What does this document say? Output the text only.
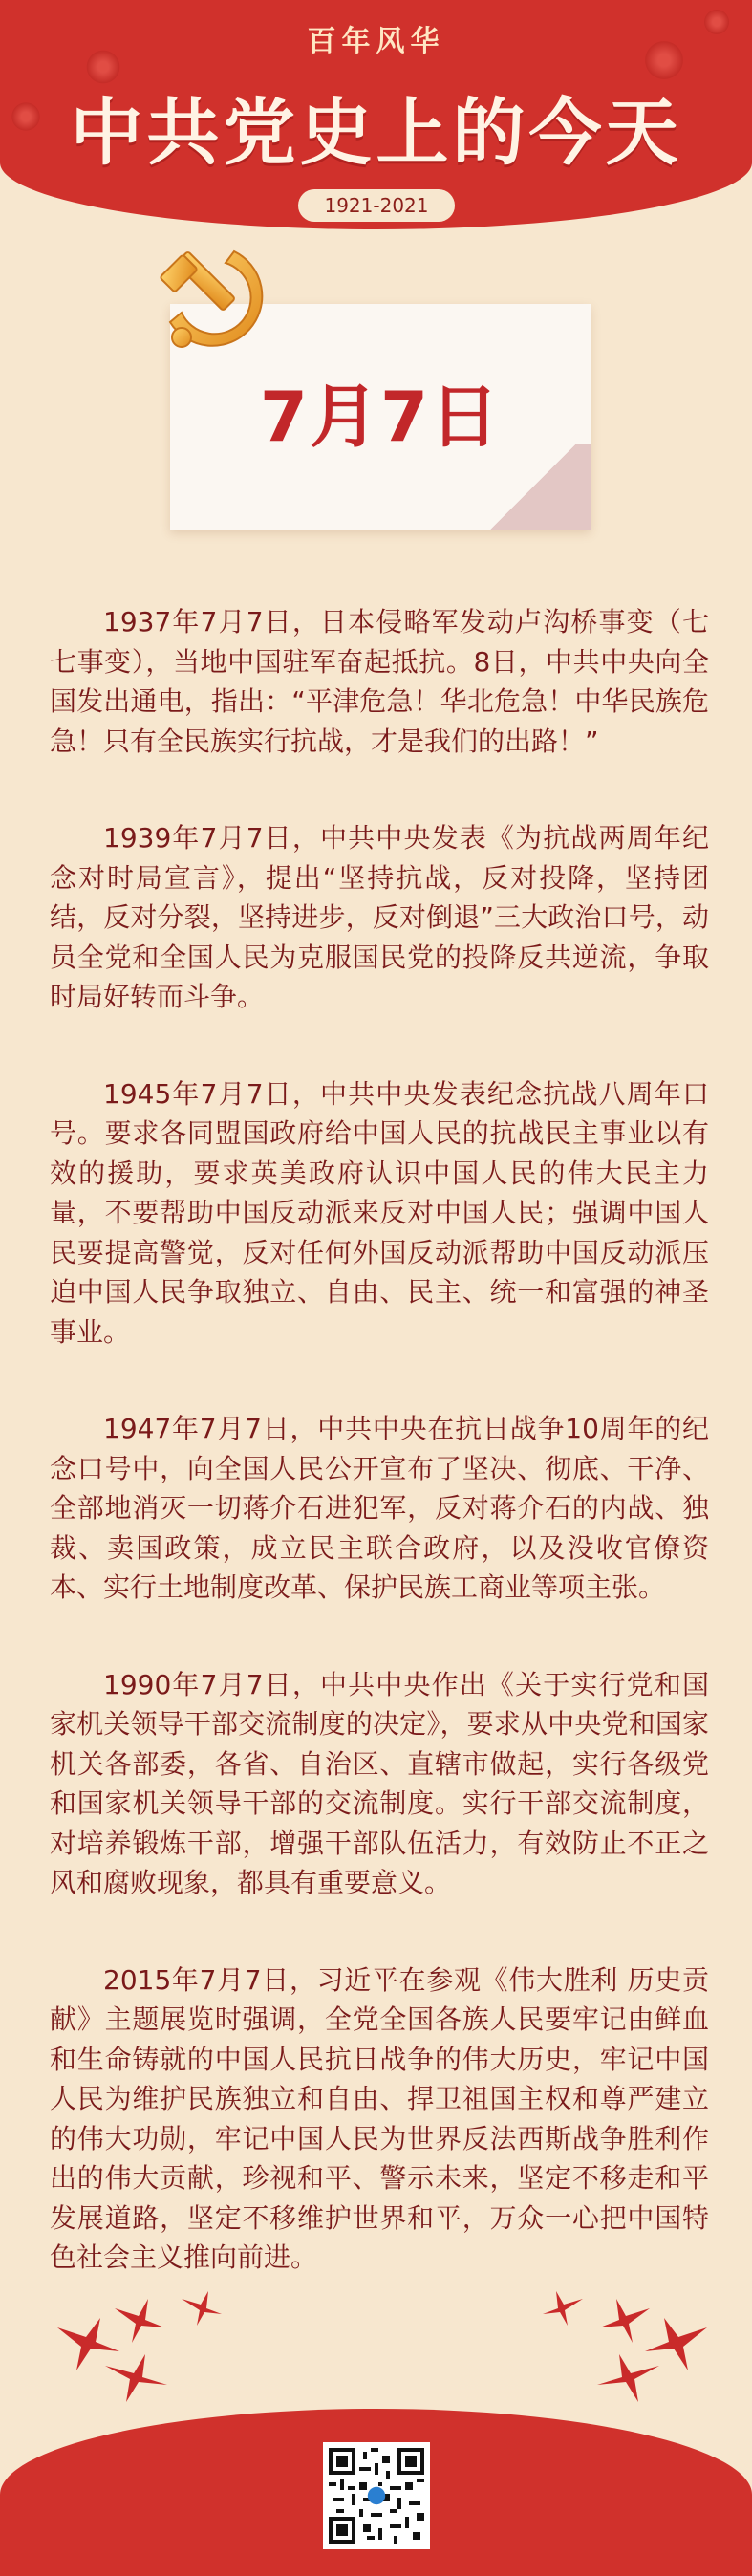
百年风华
中共党史上的今天
1921-2021
7月7日

1937年7月7日，日本侵略军发动卢沟桥事变（七七事变），当地中国驻军奋起抵抗。8日，中共中央向全国发出通电，指出：“平津危急！华北危急！中华民族危急！只有全民族实行抗战，才是我们的出路！”

1939年7月7日，中共中央发表《为抗战两周年纪念对时局宣言》，提出“坚持抗战，反对投降，坚持团结，反对分裂，坚持进步，反对倒退”三大政治口号，动员全党和全国人民为克服国民党的投降反共逆流，争取时局好转而斗争。

1945年7月7日，中共中央发表纪念抗战八周年口号。要求各同盟国政府给中国人民的抗战民主事业以有效的援助，要求英美政府认识中国人民的伟大民主力量，不要帮助中国反动派来反对中国人民；强调中国人民要提高警觉，反对任何外国反动派帮助中国反动派压迫中国人民争取独立、自由、民主、统一和富强的神圣事业。

1947年7月7日，中共中央在抗日战争10周年的纪念口号中，向全国人民公开宣布了坚决、彻底、干净、全部地消灭一切蒋介石进犯军，反对蒋介石的内战、独裁、卖国政策，成立民主联合政府，以及没收官僚资本、实行土地制度改革、保护民族工商业等项主张。

1990年7月7日，中共中央作出《关于实行党和国家机关领导干部交流制度的决定》，要求从中央党和国家机关各部委，各省、自治区、直辖市做起，实行各级党和国家机关领导干部的交流制度。实行干部交流制度，对培养锻炼干部，增强干部队伍活力，有效防止不正之风和腐败现象，都具有重要意义。

2015年7月7日，习近平在参观《伟大胜利 历史贡献》主题展览时强调，全党全国各族人民要牢记由鲜血和生命铸就的中国人民抗日战争的伟大历史，牢记中国人民为维护民族独立和自由、捍卫祖国主权和尊严建立的伟大功勋，牢记中国人民为世界反法西斯战争胜利作出的伟大贡献，珍视和平、警示未来，坚定不移走和平发展道路，坚定不移维护世界和平，万众一心把中国特色社会主义推向前进。
